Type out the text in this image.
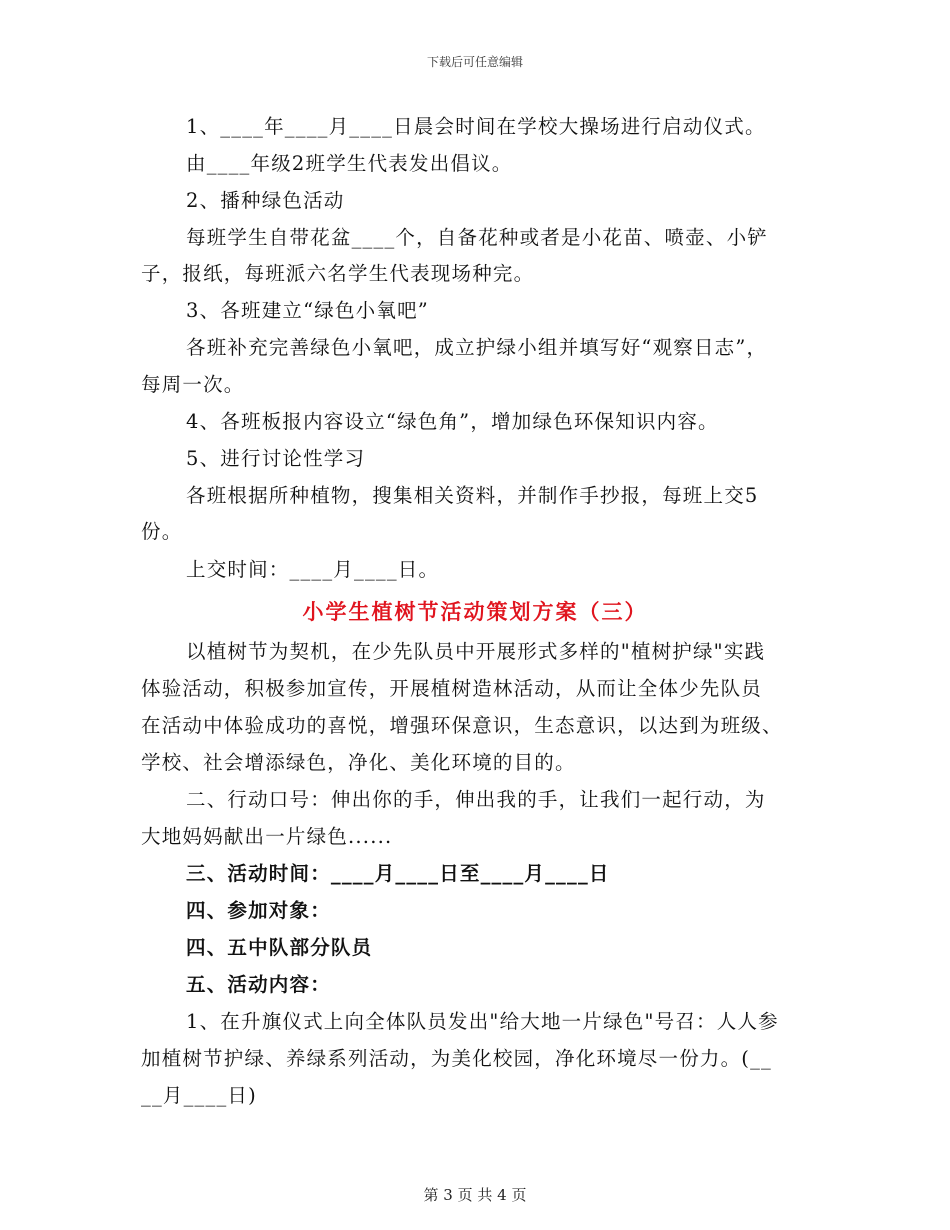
下载后可任意编辑
1、____年____月____日晨会时间在学校大操场进行启动仪式。
由____年级2班学生代表发出倡议。
2、播种绿色活动
每班学生自带花盆____个，自备花种或者是小花苗、喷壶、小铲
子，报纸，每班派六名学生代表现场种完。
3、各班建立“绿色小氧吧”
各班补充完善绿色小氧吧，成立护绿小组并填写好“观察日志”，
每周一次。
4、各班板报内容设立“绿色角”，增加绿色环保知识内容。
5、进行讨论性学习
各班根据所种植物，搜集相关资料，并制作手抄报，每班上交5
份。
上交时间：____月____日。
小学生植树节活动策划方案（三）
以植树节为契机，在少先队员中开展形式多样的"植树护绿"实践
体验活动，积极参加宣传，开展植树造林活动，从而让全体少先队员
在活动中体验成功的喜悦，增强环保意识，生态意识，以达到为班级、
学校、社会增添绿色，净化、美化环境的目的。
二、行动口号：伸出你的手，伸出我的手，让我们一起行动，为
大地妈妈献出一片绿色......
三、活动时间：____月____日至____月____日
四、参加对象：
四、五中队部分队员
五、活动内容：
1、在升旗仪式上向全体队员发出"给大地一片绿色"号召：人人参
加植树节护绿、养绿系列活动，为美化校园，净化环境尽一份力。(__
__月____日)
第 3 页 共 4 页
